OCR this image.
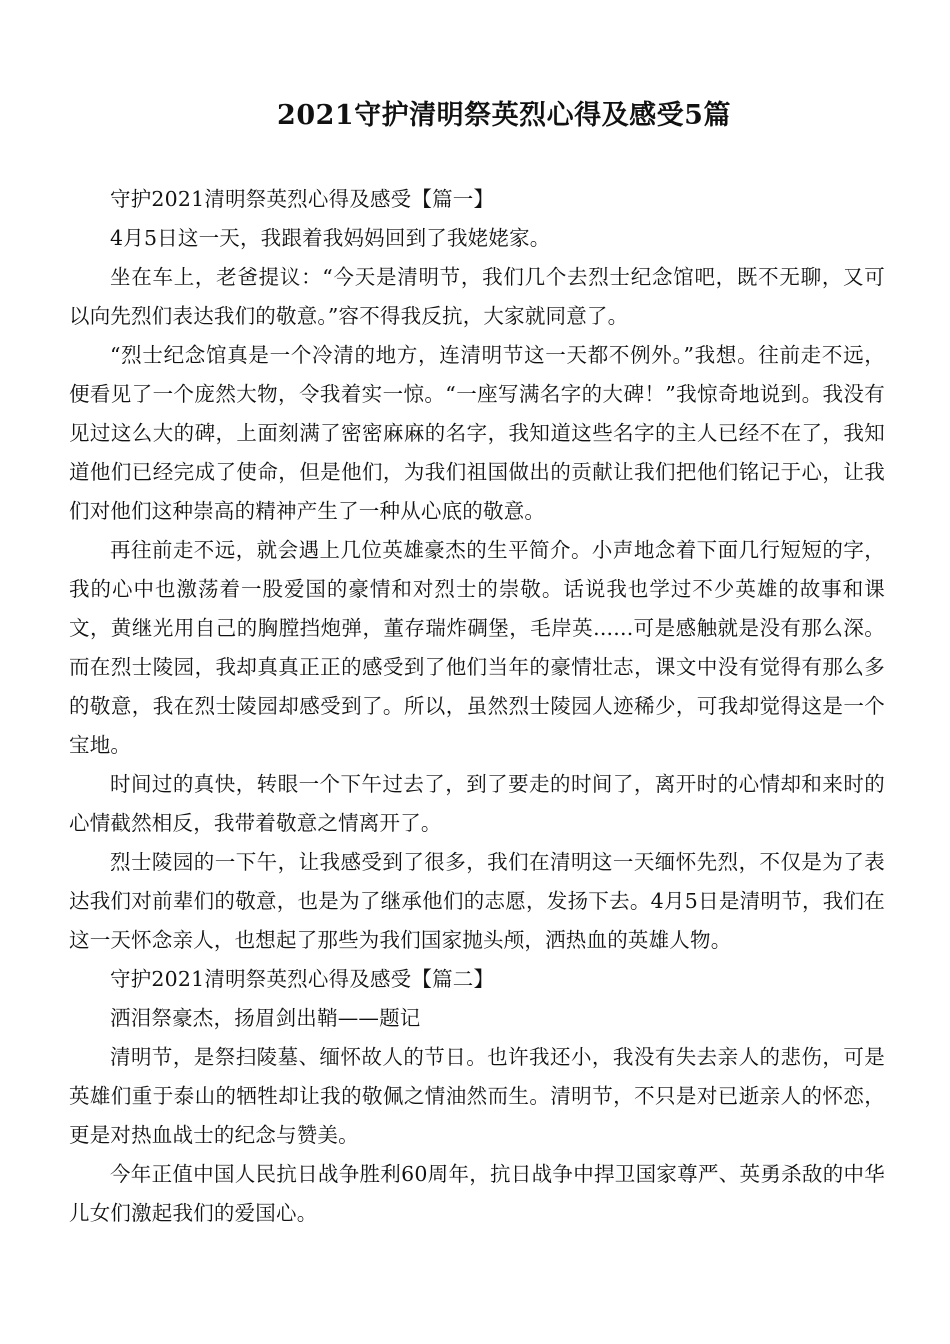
2021守护清明祭英烈心得及感受5篇

守护2021清明祭英烈心得及感受【篇一】

4月5日这一天，我跟着我妈妈回到了我姥姥家。

坐在车上，老爸提议：“今天是清明节，我们几个去烈士纪念馆吧，既不无聊，又可以向先烈们表达我们的敬意。”容不得我反抗，大家就同意了。

“烈士纪念馆真是一个冷清的地方，连清明节这一天都不例外。”我想。往前走不远，便看见了一个庞然大物，令我着实一惊。“一座写满名字的大碑！”我惊奇地说到。我没有见过这么大的碑，上面刻满了密密麻麻的名字，我知道这些名字的主人已经不在了，我知道他们已经完成了使命，但是他们，为我们祖国做出的贡献让我们把他们铭记于心，让我们对他们这种崇高的精神产生了一种从心底的敬意。

再往前走不远，就会遇上几位英雄豪杰的生平简介。小声地念着下面几行短短的字，我的心中也激荡着一股爱国的豪情和对烈士的崇敬。话说我也学过不少英雄的故事和课文，黄继光用自己的胸膛挡炮弹，董存瑞炸碉堡，毛岸英......可是感触就是没有那么深。而在烈士陵园，我却真真正正的感受到了他们当年的豪情壮志，课文中没有觉得有那么多的敬意，我在烈士陵园却感受到了。所以，虽然烈士陵园人迹稀少，可我却觉得这是一个宝地。

时间过的真快，转眼一个下午过去了，到了要走的时间了，离开时的心情却和来时的心情截然相反，我带着敬意之情离开了。

烈士陵园的一下午，让我感受到了很多，我们在清明这一天缅怀先烈，不仅是为了表达我们对前辈们的敬意，也是为了继承他们的志愿，发扬下去。4月5日是清明节，我们在这一天怀念亲人，也想起了那些为我们国家抛头颅，洒热血的英雄人物。

守护2021清明祭英烈心得及感受【篇二】

洒泪祭豪杰，扬眉剑出鞘——题记

清明节，是祭扫陵墓、缅怀故人的节日。也许我还小，我没有失去亲人的悲伤，可是英雄们重于泰山的牺牲却让我的敬佩之情油然而生。清明节，不只是对已逝亲人的怀恋，更是对热血战士的纪念与赞美。

今年正值中国人民抗日战争胜利60周年，抗日战争中捍卫国家尊严、英勇杀敌的中华儿女们激起我们的爱国心。
